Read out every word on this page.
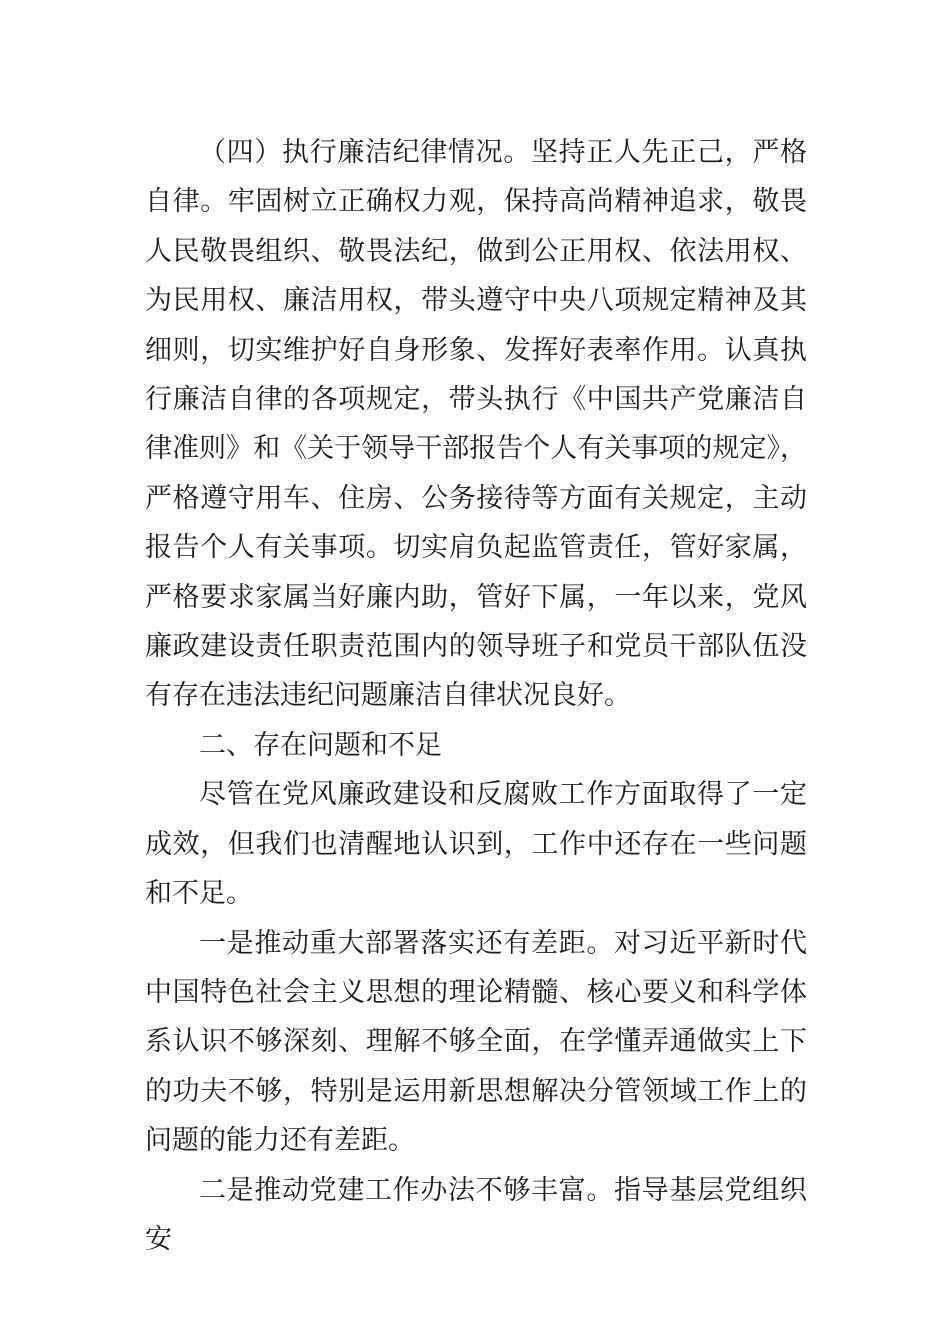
（四）执行廉洁纪律情况。坚持正人先正己，严格自律。牢固树立正确权力观，保持高尚精神追求，敬畏人民敬畏组织、敬畏法纪，做到公正用权、依法用权、为民用权、廉洁用权，带头遵守中央八项规定精神及其细则，切实维护好自身形象、发挥好表率作用。认真执行廉洁自律的各项规定，带头执行《中国共产党廉洁自律准则》和《关于领导干部报告个人有关事项的规定》，严格遵守用车、住房、公务接待等方面有关规定，主动报告个人有关事项。切实肩负起监管责任，管好家属，严格要求家属当好廉内助，管好下属，一年以来，党风廉政建设责任职责范围内的领导班子和党员干部队伍没有存在违法违纪问题廉洁自律状况良好。

二、存在问题和不足

尽管在党风廉政建设和反腐败工作方面取得了一定成效，但我们也清醒地认识到，工作中还存在一些问题和不足。

一是推动重大部署落实还有差距。对习近平新时代中国特色社会主义思想的理论精髓、核心要义和科学体系认识不够深刻、理解不够全面，在学懂弄通做实上下的功夫不够，特别是运用新思想解决分管领域工作上的问题的能力还有差距。

二是推动党建工作办法不够丰富。指导基层党组织安
